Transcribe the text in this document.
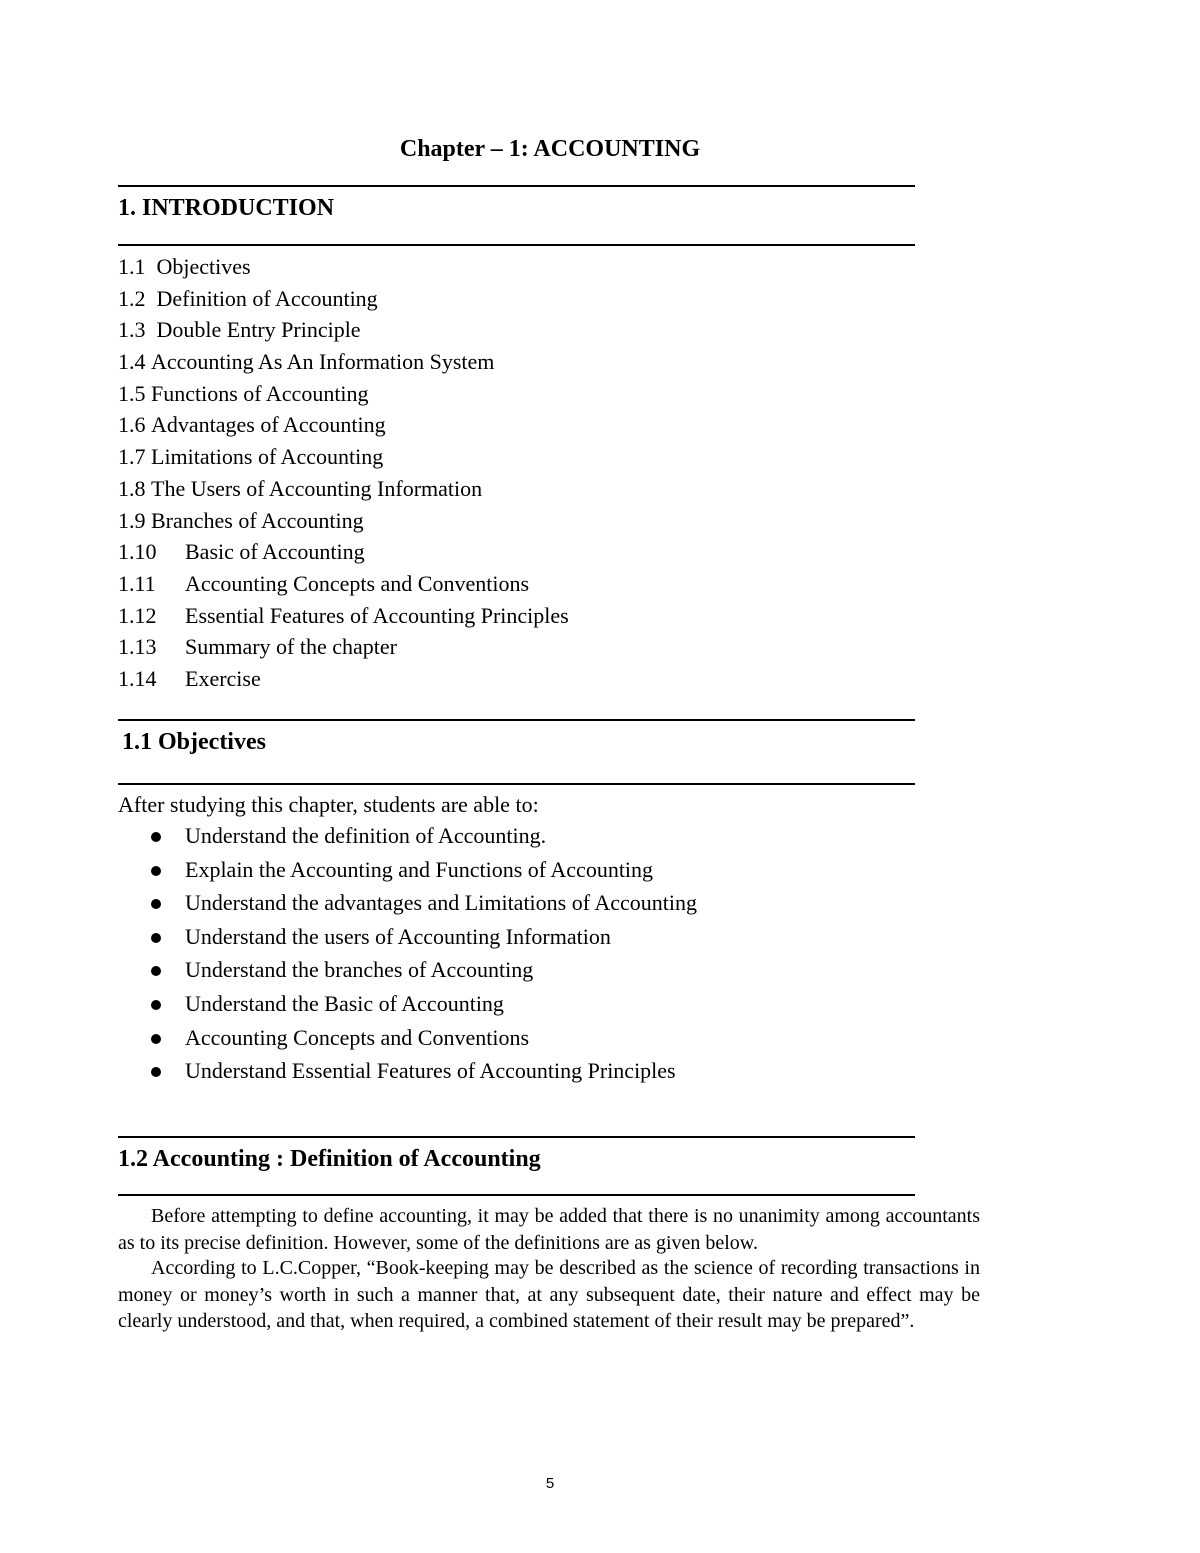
Chapter – 1: ACCOUNTING
1. INTRODUCTION
1.1 Objectives
1.2 Definition of Accounting
1.3 Double Entry Principle
1.4 Accounting As An Information System
1.5 Functions of Accounting
1.6 Advantages of Accounting
1.7 Limitations of Accounting
1.8 The Users of Accounting Information
1.9 Branches of Accounting
1.10 Basic of Accounting
1.11 Accounting Concepts and Conventions
1.12 Essential Features of Accounting Principles
1.13 Summary of the chapter
1.14 Exercise
1.1 Objectives
After studying this chapter, students are able to:
Understand the definition of Accounting.
Explain the Accounting and Functions of Accounting
Understand the advantages and Limitations of Accounting
Understand the users of Accounting Information
Understand the branches of Accounting
Understand the Basic of Accounting
Accounting Concepts and Conventions
Understand Essential Features of Accounting Principles
1.2 Accounting : Definition of Accounting

Before attempting to define accounting, it may be added that there is no unanimity among accountants as to its precise definition. However, some of the definitions are as given below.

According to L.C.Copper, “Book-keeping may be described as the science of recording transactions in money or money’s worth in such a manner that, at any subsequent date, their nature and effect may be clearly understood, and that, when required, a combined statement of their result may be prepared”.

5
